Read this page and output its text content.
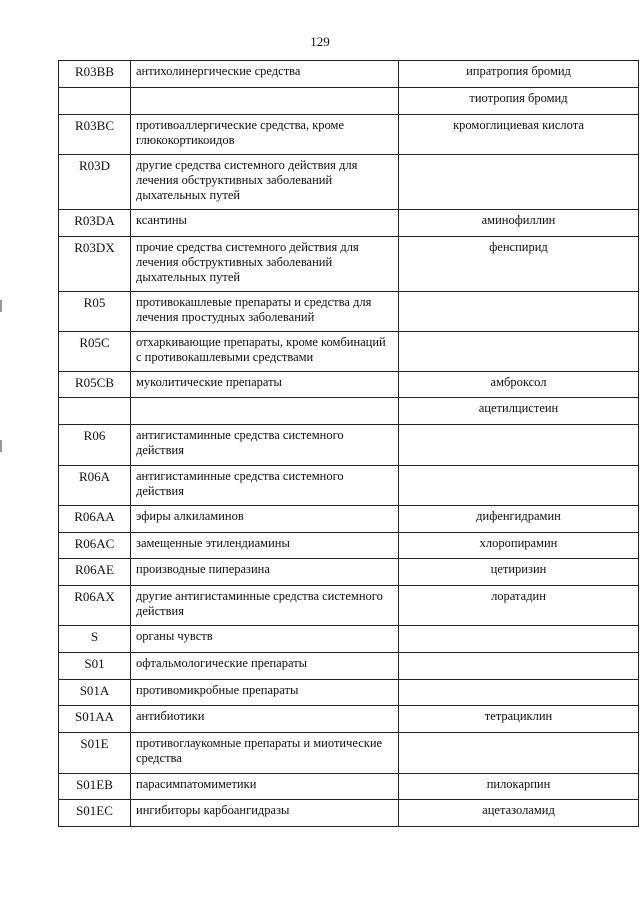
129
R03BB	антихолинергические средства	ипратропия бромид
		тиотропия бромид
R03BC	противоаллергические средства, кроме глюкокортикоидов	кромоглициевая кислота
R03D	другие средства системного действия для лечения обструктивных заболеваний дыхательных путей	
R03DA	ксантины	аминофиллин
R03DX	прочие средства системного действия для лечения обструктивных заболеваний дыхательных путей	фенспирид
R05	противокашлевые препараты и средства для лечения простудных заболеваний	
R05C	отхаркивающие препараты, кроме комбинаций с противокашлевыми средствами	
R05CB	муколитические препараты	амброксол
		ацетилцистеин
R06	антигистаминные средства системного действия	
R06A	антигистаминные средства системного действия	
R06AA	эфиры алкиламинов	дифенгидрамин
R06AC	замещенные этилендиамины	хлоропирамин
R06AE	производные пиперазина	цетиризин
R06AX	другие антигистаминные средства системного действия	лоратадин
S	органы чувств	
S01	офтальмологические препараты	
S01A	противомикробные препараты	
S01AA	антибиотики	тетрациклин
S01E	противоглаукомные препараты и миотические средства	
S01EB	парасимпатомиметики	пилокарпин
S01EC	ингибиторы карбоангидразы	ацетазоламид
